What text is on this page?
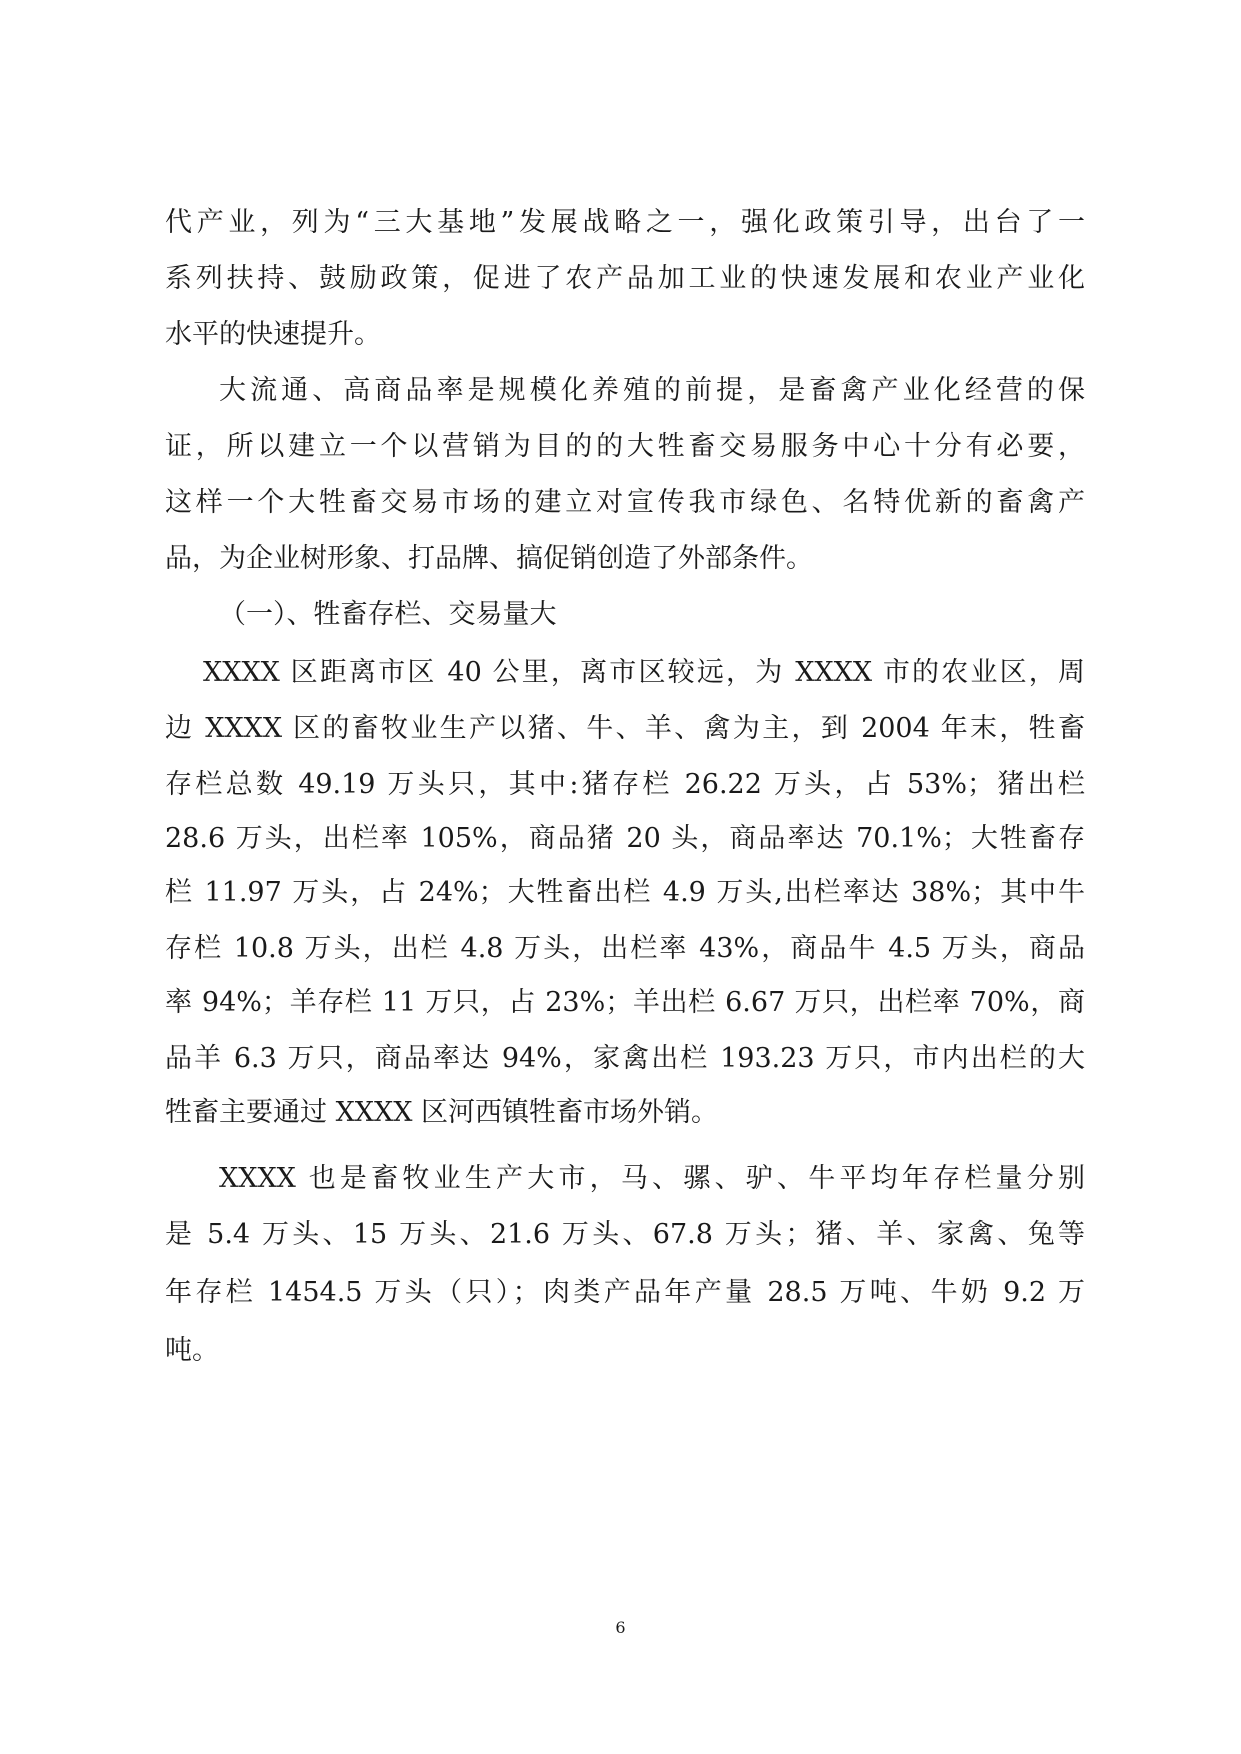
代产业，列为“三大基地”发展战略之一，强化政策引导，出台了一
系列扶持、鼓励政策，促进了农产品加工业的快速发展和农业产业化
水平的快速提升。
大流通、高商品率是规模化养殖的前提，是畜禽产业化经营的保
证，所以建立一个以营销为目的的大牲畜交易服务中心十分有必要，
这样一个大牲畜交易市场的建立对宣传我市绿色、名特优新的畜禽产
品，为企业树形象、打品牌、搞促销创造了外部条件。
（一）、牲畜存栏、交易量大
XXXX 区距离市区 40 公里，离市区较远，为 XXXX 市的农业区，周
边 XXXX 区的畜牧业生产以猪、牛、羊、禽为主，到 2004 年末，牲畜
存栏总数 49.19 万头只，其中:猪存栏 26.22 万头，占 53%；猪出栏
28.6 万头，出栏率 105%，商品猪 20 头，商品率达 70.1%；大牲畜存
栏 11.97 万头，占 24%；大牲畜出栏 4.9 万头,出栏率达 38%；其中牛
存栏 10.8 万头，出栏 4.8 万头，出栏率 43%，商品牛 4.5 万头，商品
率 94%；羊存栏 11 万只，占 23%；羊出栏 6.67 万只，出栏率 70%，商
品羊 6.3 万只，商品率达 94%，家禽出栏 193.23 万只，市内出栏的大
牲畜主要通过 XXXX 区河西镇牲畜市场外销。
XXXX 也是畜牧业生产大市，马、骡、驴、牛平均年存栏量分别
是 5.4 万头、15 万头、21.6 万头、67.8 万头；猪、羊、家禽、兔等
年存栏 1454.5 万头（只）；肉类产品年产量 28.5 万吨、牛奶 9.2 万
吨。
6
